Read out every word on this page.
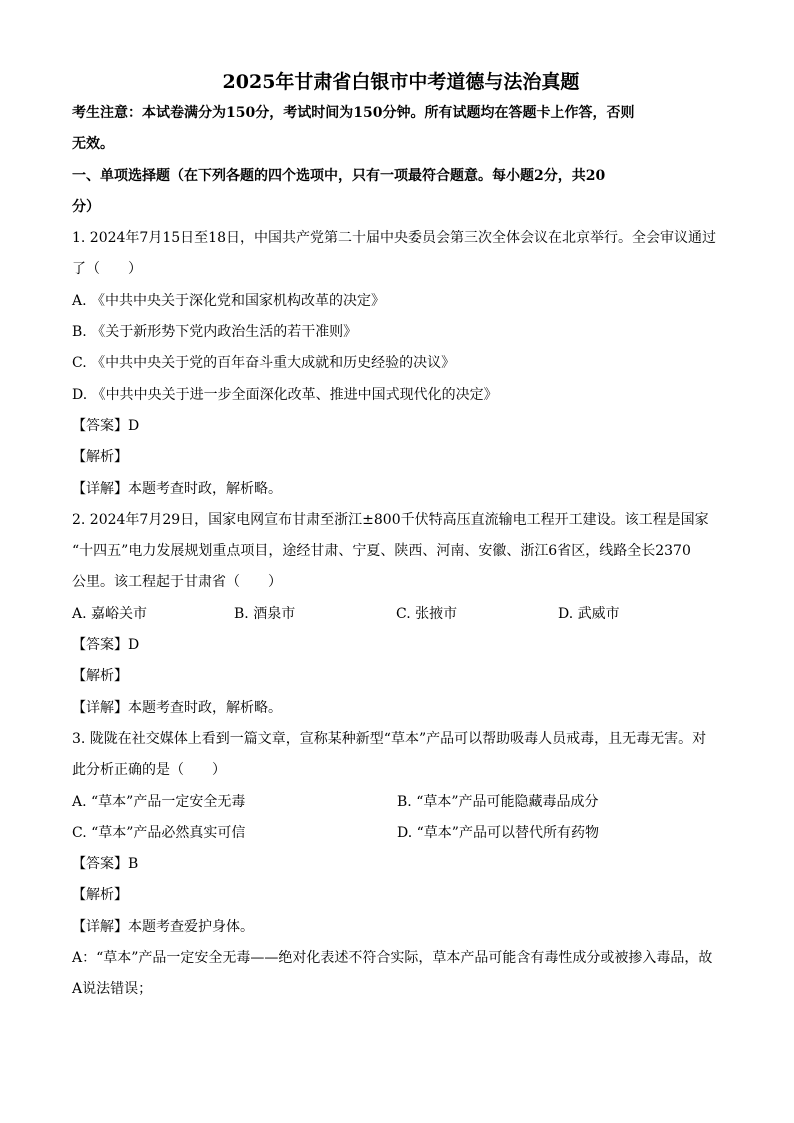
2025年甘肃省白银市中考道德与法治真题
考生注意：本试卷满分为150分，考试时间为150分钟。所有试题均在答题卡上作答，否则
无效。
一、单项选择题（在下列各题的四个选项中，只有一项最符合题意。每小题2分，共20
分）
1. 2024年7月15日至18日，中国共产党第二十届中央委员会第三次全体会议在北京举行。全会审议通过
了（　　）
A. 《中共中央关于深化党和国家机构改革的决定》
B. 《关于新形势下党内政治生活的若干准则》
C. 《中共中央关于党的百年奋斗重大成就和历史经验的决议》
D. 《中共中央关于进一步全面深化改革、推进中国式现代化的决定》
【答案】D
【解析】
【详解】本题考查时政，解析略。
2. 2024年7月29日，国家电网宣布甘肃至浙江±800千伏特高压直流输电工程开工建设。该工程是国家
“十四五”电力发展规划重点项目，途经甘肃、宁夏、陕西、河南、安徽、浙江6省区，线路全长2370
公里。该工程起于甘肃省（　　）
A. 嘉峪关市	B. 酒泉市	C. 张掖市	D. 武威市
【答案】D
【解析】
【详解】本题考查时政，解析略。
3. 陇陇在社交媒体上看到一篇文章，宣称某种新型“草本”产品可以帮助吸毒人员戒毒，且无毒无害。对
此分析正确的是（　　）
A. “草本”产品一定安全无毒	B. “草本”产品可能隐藏毒品成分
C. “草本”产品必然真实可信	D. “草本”产品可以替代所有药物
【答案】B
【解析】
【详解】本题考查爱护身体。
A：“草本”产品一定安全无毒——绝对化表述不符合实际，草本产品可能含有毒性成分或被掺入毒品，故
A说法错误；
